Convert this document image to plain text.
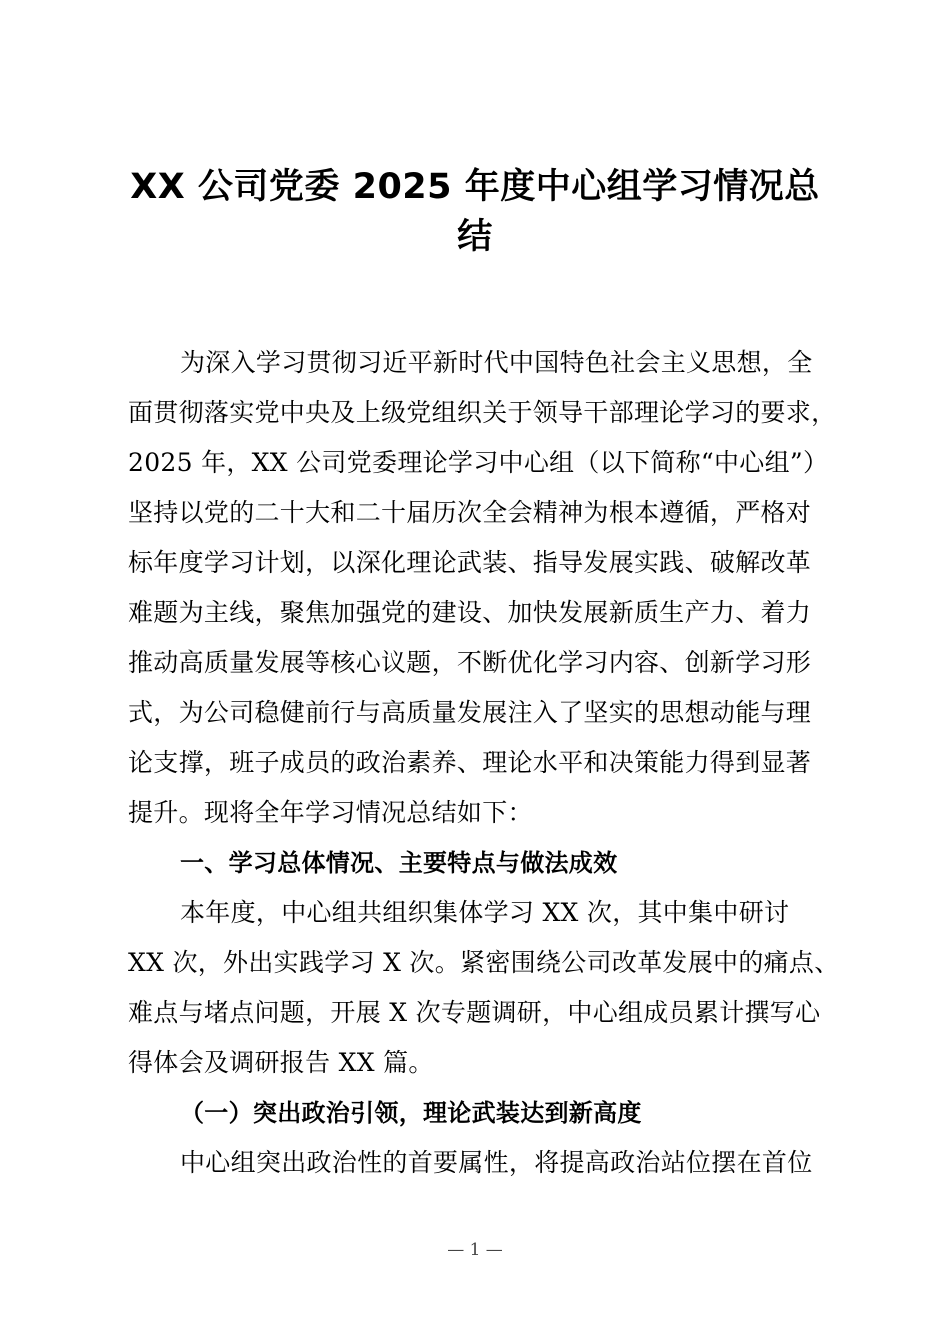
XX 公司党委 2025 年度中心组学习情况总
结
为深入学习贯彻习近平新时代中国特色社会主义思想，全
面贯彻落实党中央及上级党组织关于领导干部理论学习的要求，
2025 年，XX 公司党委理论学习中心组（以下简称“中心组”）
坚持以党的二十大和二十届历次全会精神为根本遵循，严格对
标年度学习计划，以深化理论武装、指导发展实践、破解改革
难题为主线，聚焦加强党的建设、加快发展新质生产力、着力
推动高质量发展等核心议题，不断优化学习内容、创新学习形
式，为公司稳健前行与高质量发展注入了坚实的思想动能与理
论支撑，班子成员的政治素养、理论水平和决策能力得到显著
提升。现将全年学习情况总结如下：
一、学习总体情况、主要特点与做法成效
本年度，中心组共组织集体学习 XX 次，其中集中研讨
XX 次，外出实践学习 X 次。紧密围绕公司改革发展中的痛点、
难点与堵点问题，开展 X 次专题调研，中心组成员累计撰写心
得体会及调研报告 XX 篇。
（一）突出政治引领，理论武装达到新高度
中心组突出政治性的首要属性，将提高政治站位摆在首位
— 1 —
